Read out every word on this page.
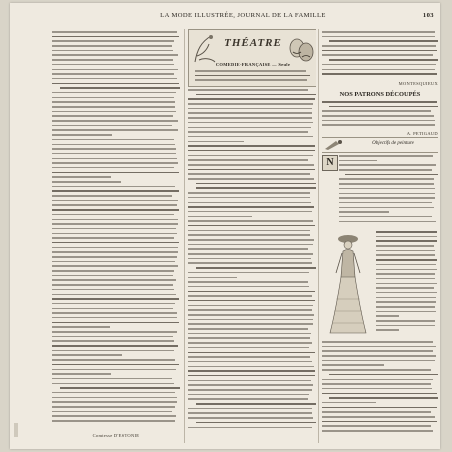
LA MODE ILLUSTRÉE, JOURNAL DE LA FAMILLE	103
Comtesse D'ESTONIE
THÉATRE
COMEDIE-FRANÇAISE — Seule
MONTESQUIEUX
NOS PATRONS DÉCOUPÉS
A. PETIGAUD
Objectifs de peinture
N
